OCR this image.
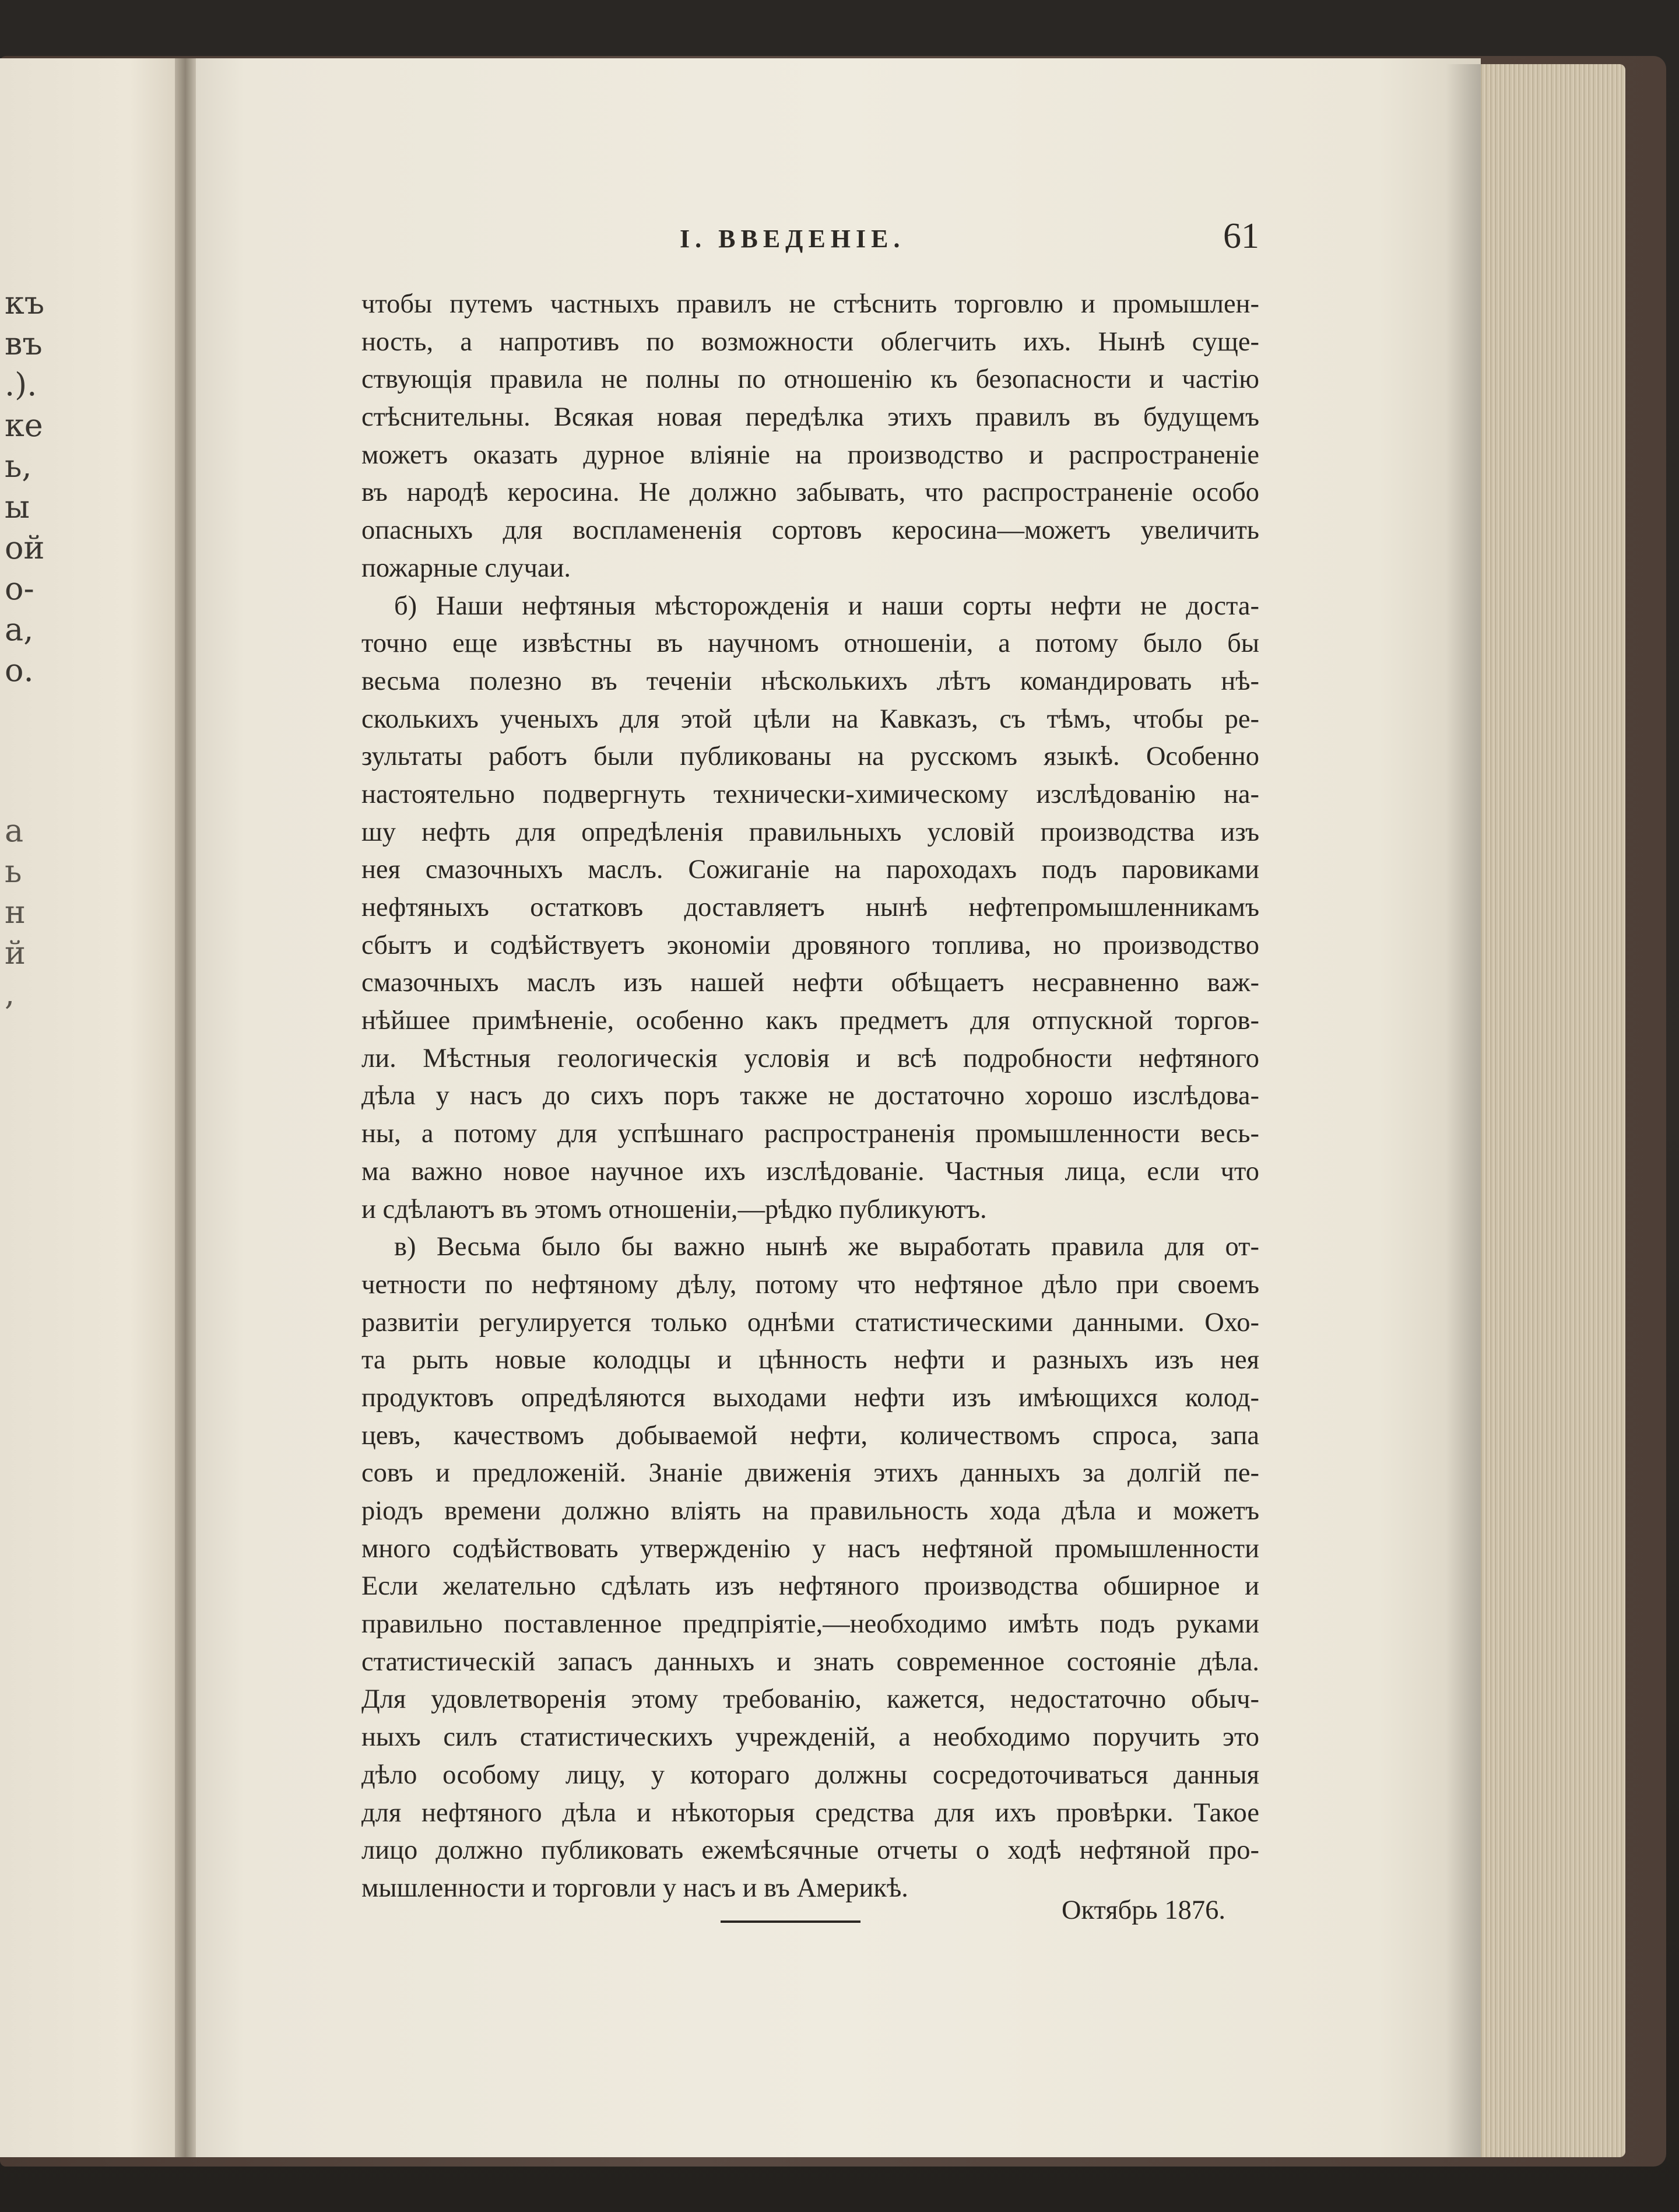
къ
въ
.).
кe
ь,
ы
ой
о-
а,
о.
а
ь
н
й
,
I. ВВЕДЕНІЕ.	61
чтобы путемъ частныхъ правилъ не стѣснить торговлю и промышлен-
ность, а напротивъ по возможности облегчить ихъ. Нынѣ суще-
ствующія правила не полны по отношенію къ безопасности и частію
стѣснительны. Всякая новая передѣлка этихъ правилъ въ будущемъ
можетъ оказать дурное вліяніе на производство и распространеніе
въ народѣ керосина. Не должно забывать, что распространеніе особо
опасныхъ для воспламененія сортовъ керосина—можетъ увеличить
пожарные случаи.
б) Наши нефтяныя мѣсторожденія и наши сорты нефти не доста-
точно еще извѣстны въ научномъ отношеніи, а потому было бы
весьма полезно въ теченіи нѣсколькихъ лѣтъ командировать нѣ-
сколькихъ ученыхъ для этой цѣли на Кавказъ, съ тѣмъ, чтобы ре-
зультаты работъ были публикованы на русскомъ языкѣ. Особенно
настоятельно подвергнуть технически-химическому изслѣдованію на-
шу нефть для опредѣленія правильныхъ условій производства изъ
нея смазочныхъ маслъ. Сожиганіе на пароходахъ подъ паровиками
нефтяныхъ остатковъ доставляетъ нынѣ нефтепромышленникамъ
сбытъ и содѣйствуетъ экономіи дровяного топлива, но производство
смазочныхъ маслъ изъ нашей нефти обѣщаетъ несравненно важ-
нѣйшее примѣненіе, особенно какъ предметъ для отпускной торгов-
ли. Мѣстныя геологическія условія и всѣ подробности нефтяного
дѣла у насъ до сихъ поръ также не достаточно хорошо изслѣдова-
ны, а потому для успѣшнаго распространенія промышленности весь-
ма важно новое научное ихъ изслѣдованіе. Частныя лица, если что
и сдѣлаютъ въ этомъ отношеніи,—рѣдко публикуютъ.
в) Весьма было бы важно нынѣ же выработать правила для от-
четности по нефтяному дѣлу, потому что нефтяное дѣло при своемъ
развитіи регулируется только однѣми статистическими данными. Охо-
та рыть новые колодцы и цѣнность нефти и разныхъ изъ нея
продуктовъ опредѣляются выходами нефти изъ имѣющихся колод-
цевъ, качествомъ добываемой нефти, количествомъ спроса, запа
совъ и предложеній. Знаніе движенія этихъ данныхъ за долгій пе-
ріодъ времени должно вліять на правильность хода дѣла и можетъ
много содѣйствовать утвержденію у насъ нефтяной промышленности
Если желательно сдѣлать изъ нефтяного производства обширное и
правильно поставленное предпріятіе,—необходимо имѣть подъ руками
статистическій запасъ данныхъ и знать современное состояніе дѣла.
Для удовлетворенія этому требованію, кажется, недостаточно обыч-
ныхъ силъ статистическихъ учрежденій, а необходимо поручить это
дѣло особому лицу, у котораго должны сосредоточиваться данныя
для нефтяного дѣла и нѣкоторыя средства для ихъ провѣрки. Такое
лицо должно публиковать ежемѣсячные отчеты о ходѣ нефтяной про-
мышленности и торговли у насъ и въ Америкѣ.
Октябрь 1876.
